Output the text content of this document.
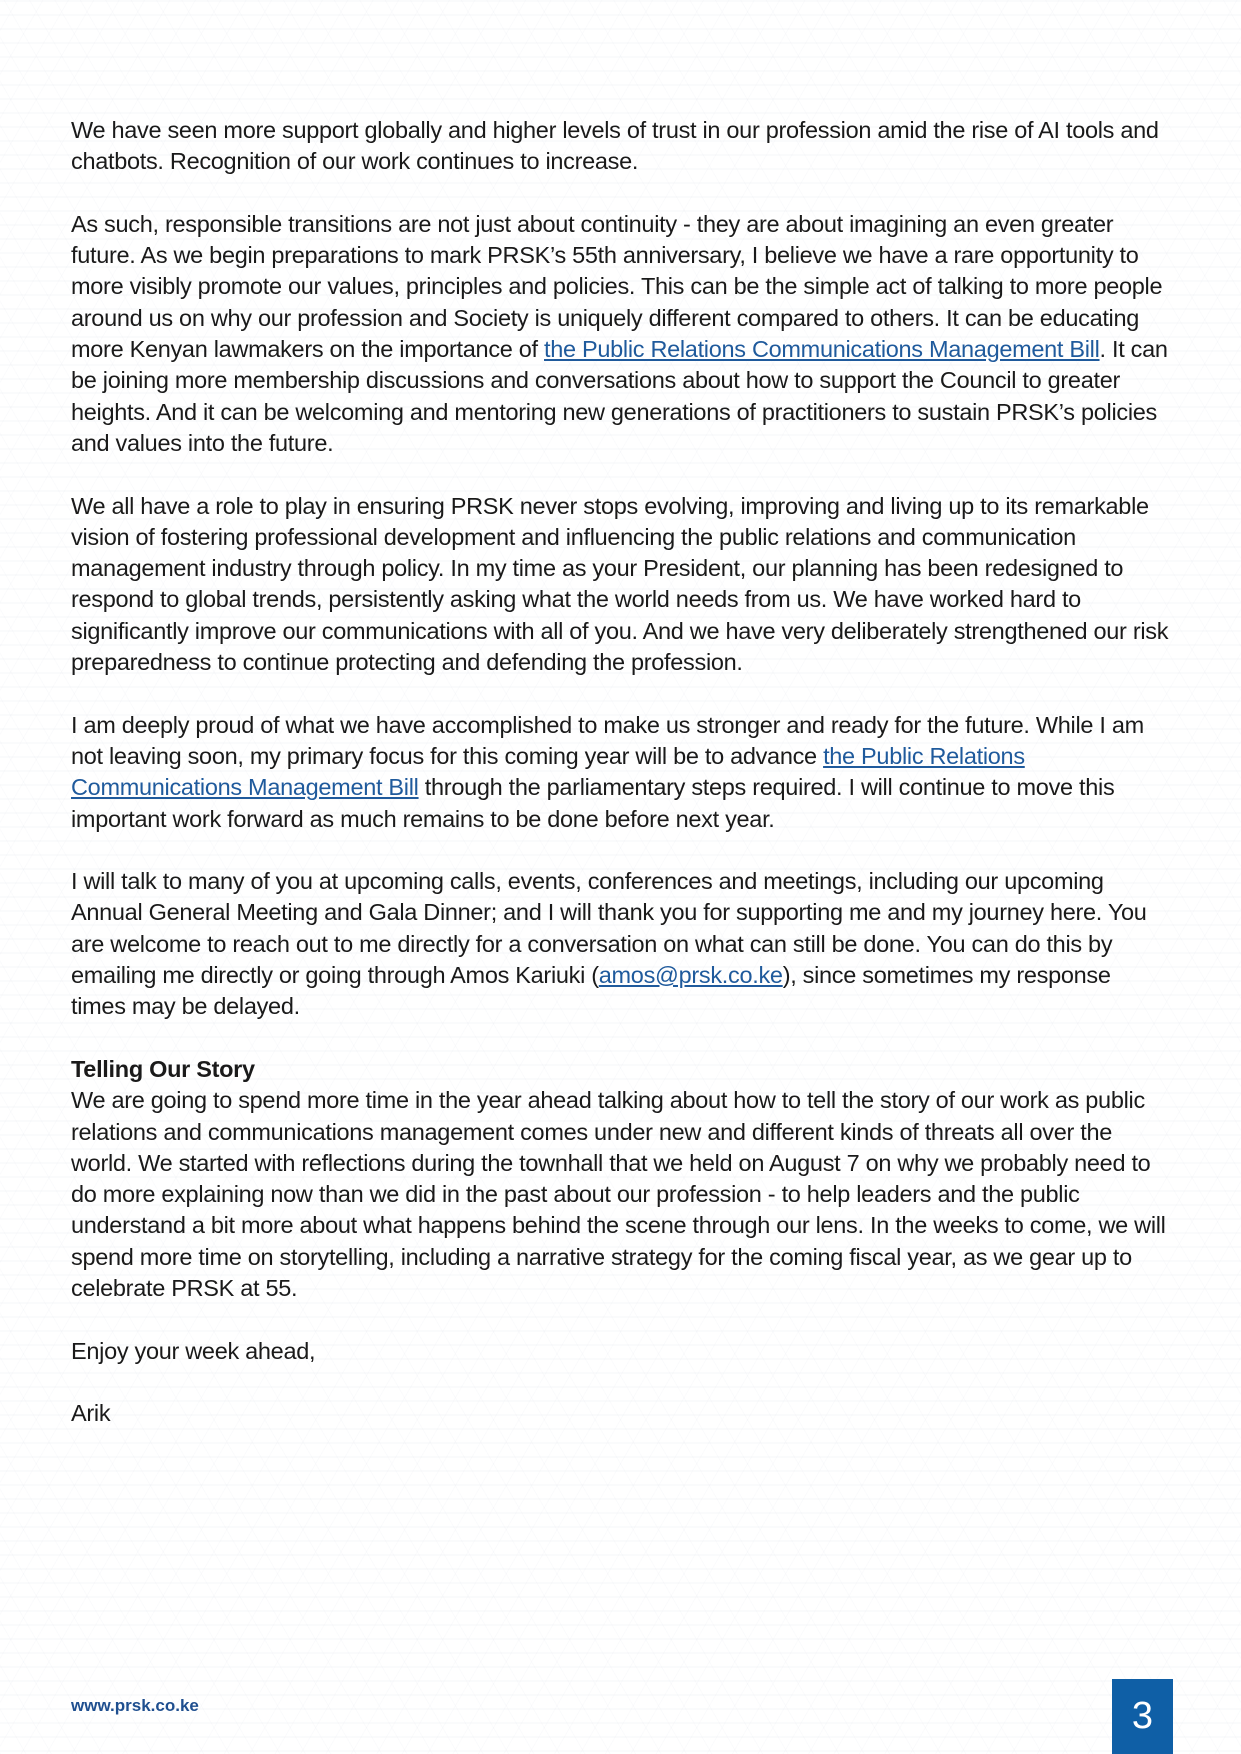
We have seen more support globally and higher levels of trust in our profession amid the rise of AI tools and chatbots. Recognition of our work continues to increase.

As such, responsible transitions are not just about continuity - they are about imagining an even greater future. As we begin preparations to mark PRSK’s 55th anniversary, I believe we have a rare opportunity to more visibly promote our values, principles and policies. This can be the simple act of talking to more people around us on why our profession and Society is uniquely different compared to others. It can be educating more Kenyan lawmakers on the importance of the Public Relations Communications Management Bill. It can be joining more membership discussions and conversations about how to support the Council to greater heights. And it can be welcoming and mentoring new generations of practitioners to sustain PRSK’s policies and values into the future.

We all have a role to play in ensuring PRSK never stops evolving, improving and living up to its remarkable vision of fostering professional development and influencing the public relations and communication management industry through policy. In my time as your President, our planning has been redesigned to respond to global trends, persistently asking what the world needs from us. We have worked hard to significantly improve our communications with all of you. And we have very deliberately strengthened our risk preparedness to continue protecting and defending the profession.

I am deeply proud of what we have accomplished to make us stronger and ready for the future. While I am not leaving soon, my primary focus for this coming year will be to advance the Public Relations Communications Management Bill through the parliamentary steps required. I will continue to move this important work forward as much remains to be done before next year.

I will talk to many of you at upcoming calls, events, conferences and meetings, including our upcoming Annual General Meeting and Gala Dinner; and I will thank you for supporting me and my journey here. You are welcome to reach out to me directly for a conversation on what can still be done. You can do this by emailing me directly or going through Amos Kariuki (amos@prsk.co.ke), since sometimes my response times may be delayed.

Telling Our Story

We are going to spend more time in the year ahead talking about how to tell the story of our work as public relations and communications management comes under new and different kinds of threats all over the world. We started with reflections during the townhall that we held on August 7 on why we probably need to do more explaining now than we did in the past about our profession - to help leaders and the public understand a bit more about what happens behind the scene through our lens. In the weeks to come, we will spend more time on storytelling, including a narrative strategy for the coming fiscal year, as we gear up to celebrate PRSK at 55.

Enjoy your week ahead,

Arik

www.prsk.co.ke	3
